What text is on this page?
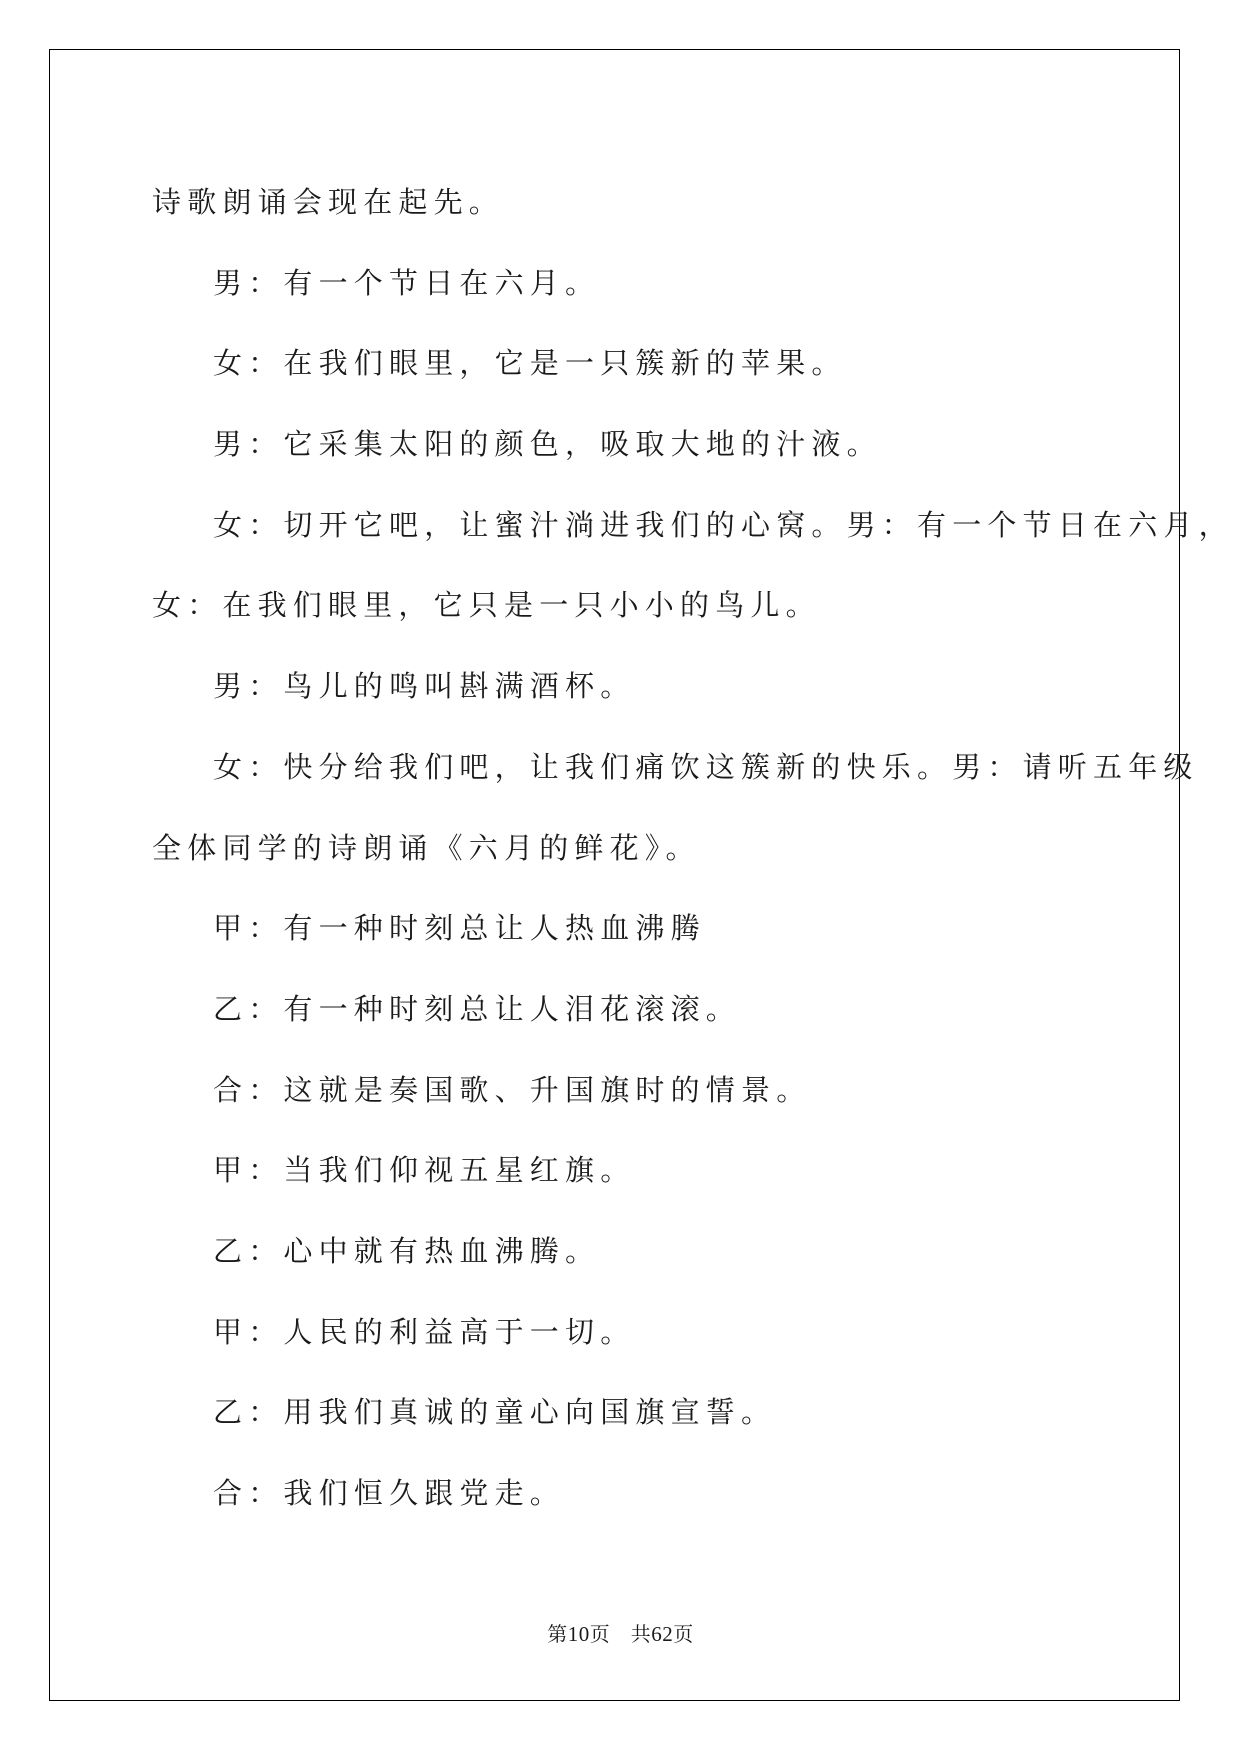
诗歌朗诵会现在起先。
男：有一个节日在六月。
女：在我们眼里，它是一只簇新的苹果。
男：它采集太阳的颜色，吸取大地的汁液。
女：切开它吧，让蜜汁淌进我们的心窝。男：有一个节日在六月，
女：在我们眼里，它只是一只小小的鸟儿。
男：鸟儿的鸣叫斟满酒杯。
女：快分给我们吧，让我们痛饮这簇新的快乐。男：请听五年级
全体同学的诗朗诵《六月的鲜花》。
甲：有一种时刻总让人热血沸腾
乙：有一种时刻总让人泪花滚滚。
合：这就是奏国歌、升国旗时的情景。
甲：当我们仰视五星红旗。
乙：心中就有热血沸腾。
甲：人民的利益高于一切。
乙：用我们真诚的童心向国旗宣誓。
合：我们恒久跟党走。
第10页 共62页
